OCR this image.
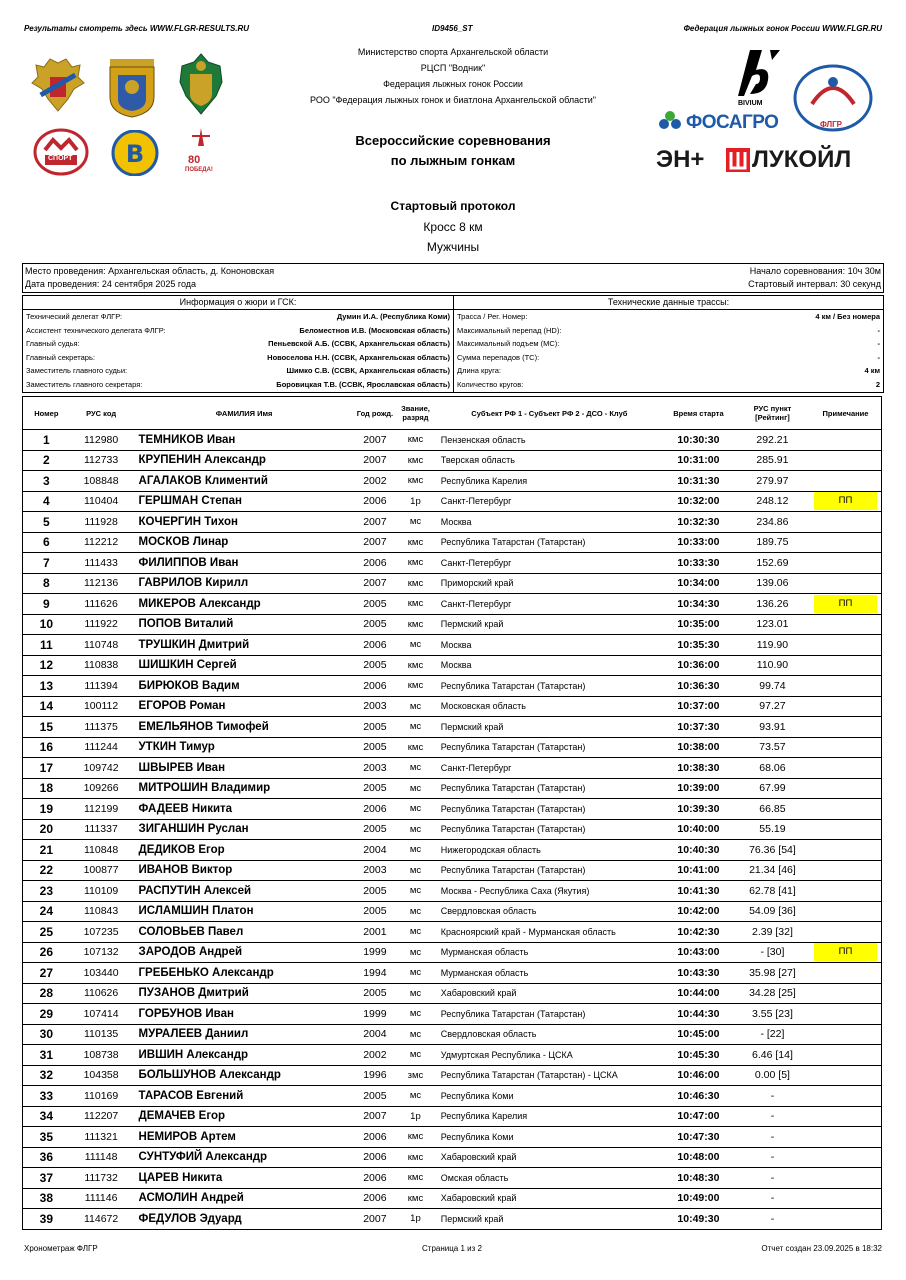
Результаты смотреть здесь WWW.FLGR-RESULTS.RU	ID9456_ST	Федерация лыжных гонок России WWW.FLGR.RU
СПОРТ В	80
ПОБЕДА!
Министерство спорта Архангельской области
РЦСП "Водник"
Федерация лыжных гонок России
РОО "Федерация лыжных гонок и биатлона Архангельской области"
Всероссийские соревнования
по лыжным гонкам
BIVIUM
ФЛГР
ФОСАГРО
ЭН+ ЛУКОЙЛ
Стартовый протокол
Кросс 8 км
Мужчины
Место проведения: Архангельская область, д. Кононовская
Дата проведения: 24 сентября 2025 года
Начало соревнования: 10ч 30м
Стартовый интервал: 30 секунд
Информация о жюри и ГСК:
Технический делегат ФЛГР:	Думин И.А. (Республика Коми)
Ассистент технического делегата ФЛГР:	Беломестнов И.В. (Московская область)
Главный судья:	Пеньевской А.Б. (ССВК, Архангельская область)
Главный секретарь:	Новоселова Н.Н. (ССВК, Архангельская область)
Заместитель главного судьи:	Шимко С.В. (ССВК, Архангельская область)
Заместитель главного секретаря:	Боровицкая Т.В. (ССВК, Ярославская область)
Технические данные трассы:
Трасса / Рег. Номер:	4 км / Без номера
Максимальный перепад (HD):	-
Максимальный подъем (MC):	-
Сумма перепадов (ТС):	-
Длина круга:	4 км
Количество кругов:	2
Номер	РУС код	ФАМИЛИЯ Имя	Год рожд.	Звание, разряд	Субъект РФ 1 - Субъект РФ 2 - ДСО - Клуб	Время старта	РУС пункт [Рейтинг]	Примечание
1	112980	ТЕМНИКОВ Иван	2007	кмс	Пензенская область	10:30:30	292.21	
2	112733	КРУПЕНИН Александр	2007	кмс	Тверская область	10:31:00	285.91	
3	108848	АГАЛАКОВ Климентий	2002	кмс	Республика Карелия	10:31:30	279.97	
4	110404	ГЕРШМАН Степан	2006	1р	Санкт-Петербург	10:32:00	248.12	ПП

5	111928	КОЧЕРГИН Тихон	2007	мс	Москва	10:32:30	234.86	
6	112212	МОСКОВ Линар	2007	кмс	Республика Татарстан (Татарстан)	10:33:00	189.75	
7	111433	ФИЛИППОВ Иван	2006	кмс	Санкт-Петербург	10:33:30	152.69	
8	112136	ГАВРИЛОВ Кирилл	2007	кмс	Приморский край	10:34:00	139.06	
9	111626	МИКЕРОВ Александр	2005	кмс	Санкт-Петербург	10:34:30	136.26	ПП

10	111922	ПОПОВ Виталий	2005	кмс	Пермский край	10:35:00	123.01	
11	110748	ТРУШКИН Дмитрий	2006	мс	Москва	10:35:30	119.90	
12	110838	ШИШКИН Сергей	2005	кмс	Москва	10:36:00	110.90	
13	111394	БИРЮКОВ Вадим	2006	кмс	Республика Татарстан (Татарстан)	10:36:30	99.74	
14	100112	ЕГОРОВ Роман	2003	мс	Московская область	10:37:00	97.27	
15	111375	ЕМЕЛЬЯНОВ Тимофей	2005	мс	Пермский край	10:37:30	93.91	
16	111244	УТКИН Тимур	2005	кмс	Республика Татарстан (Татарстан)	10:38:00	73.57	
17	109742	ШВЫРЕВ Иван	2003	мс	Санкт-Петербург	10:38:30	68.06	
18	109266	МИТРОШИН Владимир	2005	мс	Республика Татарстан (Татарстан)	10:39:00	67.99	
19	112199	ФАДЕЕВ Никита	2006	мс	Республика Татарстан (Татарстан)	10:39:30	66.85	
20	111337	ЗИГАНШИН Руслан	2005	мс	Республика Татарстан (Татарстан)	10:40:00	55.19	
21	110848	ДЕДИКОВ Егор	2004	мс	Нижегородская область	10:40:30	76.36 [54]	
22	100877	ИВАНОВ Виктор	2003	мс	Республика Татарстан (Татарстан)	10:41:00	21.34 [46]	
23	110109	РАСПУТИН Алексей	2005	мс	Москва - Республика Саха (Якутия)	10:41:30	62.78 [41]	
24	110843	ИСЛАМШИН Платон	2005	мс	Свердловская область	10:42:00	54.09 [36]	
25	107235	СОЛОВЬЕВ Павел	2001	мс	Красноярский край - Мурманская область	10:42:30	2.39 [32]	
26	107132	ЗАРОДОВ Андрей	1999	мс	Мурманская область	10:43:00	- [30]	ПП

27	103440	ГРЕБЕНЬКО Александр	1994	мс	Мурманская область	10:43:30	35.98 [27]	
28	110626	ПУЗАНОВ Дмитрий	2005	мс	Хабаровский край	10:44:00	34.28 [25]	
29	107414	ГОРБУНОВ Иван	1999	мс	Республика Татарстан (Татарстан)	10:44:30	3.55 [23]	
30	110135	МУРАЛЕЕВ Даниил	2004	мс	Свердловская область	10:45:00	- [22]	
31	108738	ИВШИН Александр	2002	мс	Удмуртская Республика - ЦСКА	10:45:30	6.46 [14]	
32	104358	БОЛЬШУНОВ Александр	1996	змс	Республика Татарстан (Татарстан) - ЦСКА	10:46:00	0.00 [5]	
33	110169	ТАРАСОВ Евгений	2005	мс	Республика Коми	10:46:30	-	
34	112207	ДЕМАЧЕВ Егор	2007	1р	Республика Карелия	10:47:00	-	
35	111321	НЕМИРОВ Артем	2006	кмс	Республика Коми	10:47:30	-	
36	111148	СУНТУФИЙ Александр	2006	кмс	Хабаровский край	10:48:00	-	
37	111732	ЦАРЕВ Никита	2006	кмс	Омская область	10:48:30	-	
38	111146	АСМОЛИН Андрей	2006	кмс	Хабаровский край	10:49:00	-	
39	114672	ФЕДУЛОВ Эдуард	2007	1р	Пермский край	10:49:30	-	
Хронометраж ФЛГР	Страница 1 из 2	Отчет создан 23.09.2025 в 18:32
